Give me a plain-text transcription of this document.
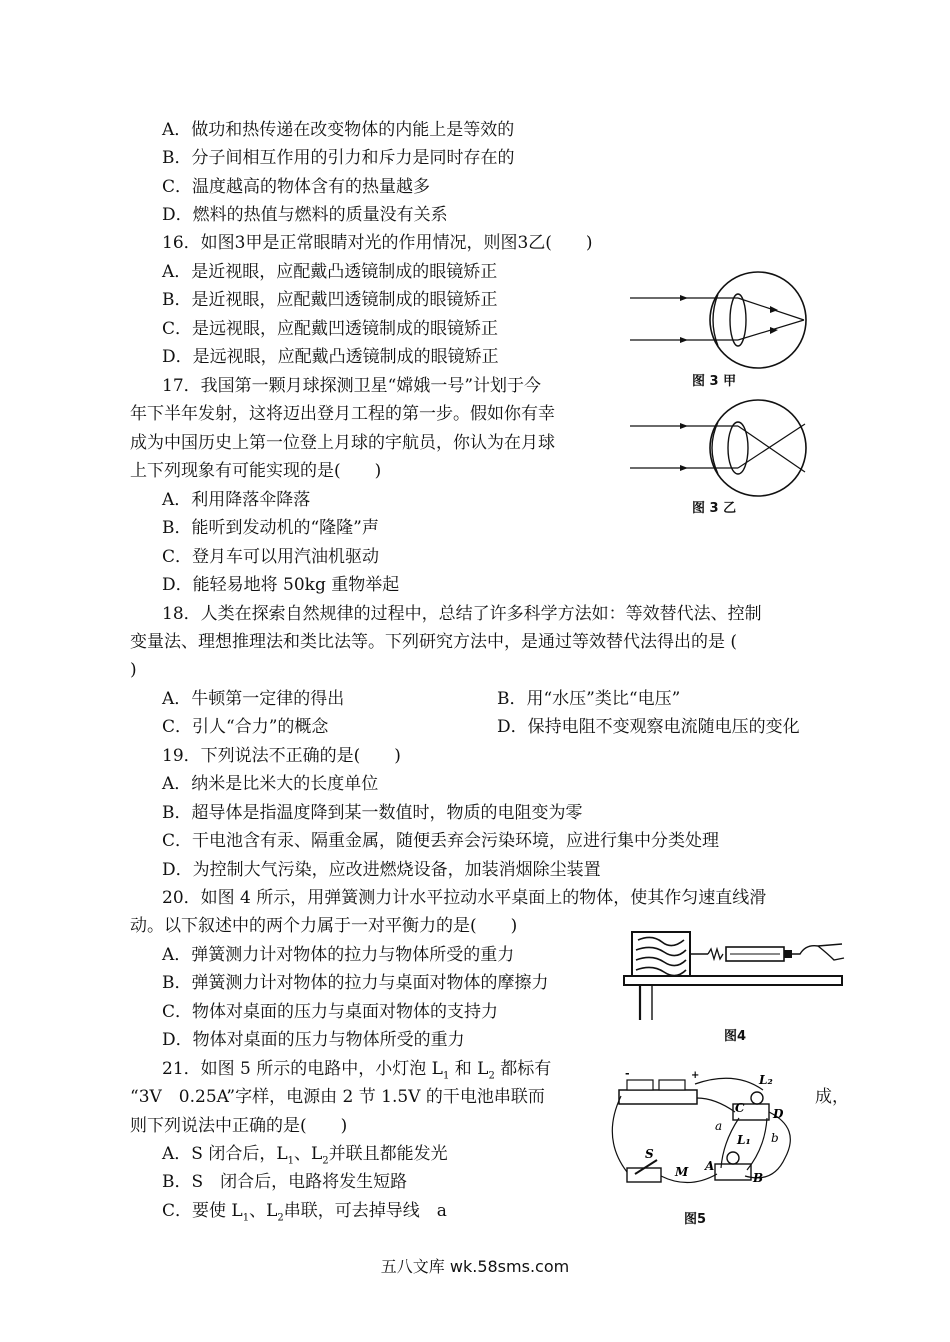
A．做功和热传递在改变物体的内能上是等效的
B．分子间相互作用的引力和斥力是同时存在的
C．温度越高的物体含有的热量越多
D．燃料的热值与燃料的质量没有关系
16．如图3甲是正常眼睛对光的作用情况，则图3乙(　　)
A．是近视眼，应配戴凸透镜制成的眼镜矫正
B．是近视眼，应配戴凹透镜制成的眼镜矫正
C．是远视眼，应配戴凹透镜制成的眼镜矫正
D．是远视眼，应配戴凸透镜制成的眼镜矫正
图 3 甲
图 3 乙
17．我国第一颗月球探测卫星“嫦娥一号”计划于今
年下半年发射，这将迈出登月工程的第一步。假如你有幸
成为中国历史上第一位登上月球的宇航员，你认为在月球
上下列现象有可能实现的是(　　)
A．利用降落伞降落
B．能听到发动机的“隆隆”声
C．登月车可以用汽油机驱动
D．能轻易地将 50kg 重物举起
18．人类在探索自然规律的过程中，总结了许多科学方法如：等效替代法、控制
变量法、理想推理法和类比法等。下列研究方法中，是通过等效替代法得出的是 (
)
A．牛顿第一定律的得出	B．用“水压”类比“电压”
C．引人“合力”的概念	D．保持电阻不变观察电流随电压的变化
19．下列说法不正确的是(　　)
A．纳米是比米大的长度单位
B．超导体是指温度降到某一数值时，物质的电阻变为零
C．干电池含有汞、隔重金属，随便丢弃会污染环境，应进行集中分类处理
D．为控制大气污染，应改进燃烧设备，加装消烟除尘装置
20．如图 4 所示，用弹簧测力计水平拉动水平桌面上的物体，使其作匀速直线滑
动。以下叙述中的两个力属于一对平衡力的是(　　)
A．弹簧测力计对物体的拉力与物体所受的重力
B．弹簧测力计对物体的拉力与桌面对物体的摩擦力
C．物体对桌面的压力与桌面对物体的支持力
D．物体对桌面的压力与物体所受的重力	图4
21．如图 5 所示的电路中，小灯泡 $L_1$ 和 $L_2$ 都标有
“3V　0.25A”字样，电源由 2 节 1.5V 的干电池串联而	成，
则下列说法中正确的是(　　)
A．S 闭合后，$L_1$、$L_2$并联且都能发光
B．S　闭合后，电路将发生短路
C．要使 $L_1$、$L_2$串联，可去掉导线　a
-	+	L₂
C D
a
b
L₁
A
B
S
M
图5
五八文库 wk.58sms.com
